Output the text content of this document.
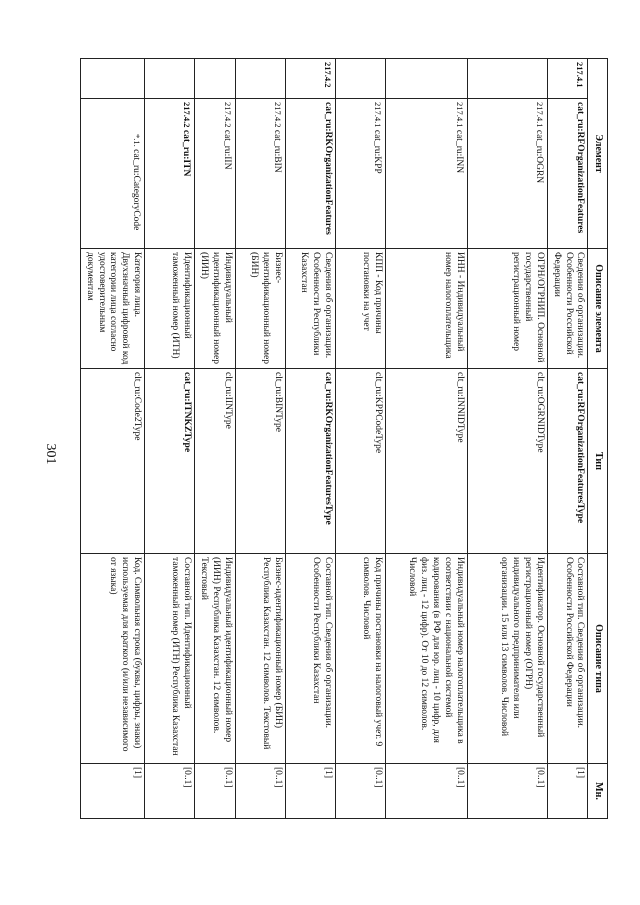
301
Элемент		Описание элемента	Тип	Описание типа	Мн.
217.4.1	cat_ru:RFOrganizationFeatures	Сведения об организации. Особенности Российской Федерации	cat_ru:RFOrganizationFeaturesType	Составной тип. Сведения об организации. Особенности Российской Федерации	[1]
	217.4.1 cat_ru:OGRN	ОГРН/ОГРНИП. Основной государственный регистрационный номер	clt_ru:OGRNIDType	Идентификатор. Основной государственный регистрационный номер (ОГРН) индивидуального предпринимателя или организации. 15 или 13 символов. Числовой	[0..1]
	217.4.1 cat_ru:INN	ИНН - Индивидуальный номер налогоплательщика	clt_ru:INNIDType	Индивидуальный номер налогоплательщика в соответствии с национальной системой кодирования (в РФ для юр. лиц - 10 цифр, для физ. лиц - 12 цифр). От 10 до 12 символов. Числовой	[0..1]
	217.4.1 cat_ru:KPP	КПП - Код причины постановки на учет	clt_ru:KPPCodeType	Код причины постановки на налоговый учет. 9 символов. Числовой	[0..1]
217.4.2	cat_ru:RKOrganizationFeatures	Сведения об организации. Особенности Республики Казахстан	cat_ru:RKOrganizationFeaturesType	Составной тип. Сведения об организации. Особенности Республики Казахстан	[1]
	217.4.2 cat_ru:BIN	Бизнес-идентификационный номер (БИН)	clt_ru:BINType	Бизнес-идентификационный номер (БИН) Республика Казахстан. 12 символов. Текстовый	[0..1]
	217.4.2 cat_ru:IIN	Индивидуальный идентификационный номер (ИИН)	clt_ru:IINType	Индивидуальный идентификационный номер (ИИН) Республика Казахстан. 12 символов. Текстовый	[0..1]
	217.4.2 cat_ru:ITN	Идентификационный таможенный номер (ИТН)	cat_ru:ITNKZType	Составной тип. Идентификационный таможенный номер (ИТН) Республика Казахстан	[0..1]
	*.1. cat_ru:CategoryCode	Категория лица. Двухзначный цифровой код категории лица согласно удостоверительным документам	clt_ru:Code2Type	Код. Символьная строка (буквы, цифры, знаки) используемая для краткого (и/или независимого от языка)	[1]
